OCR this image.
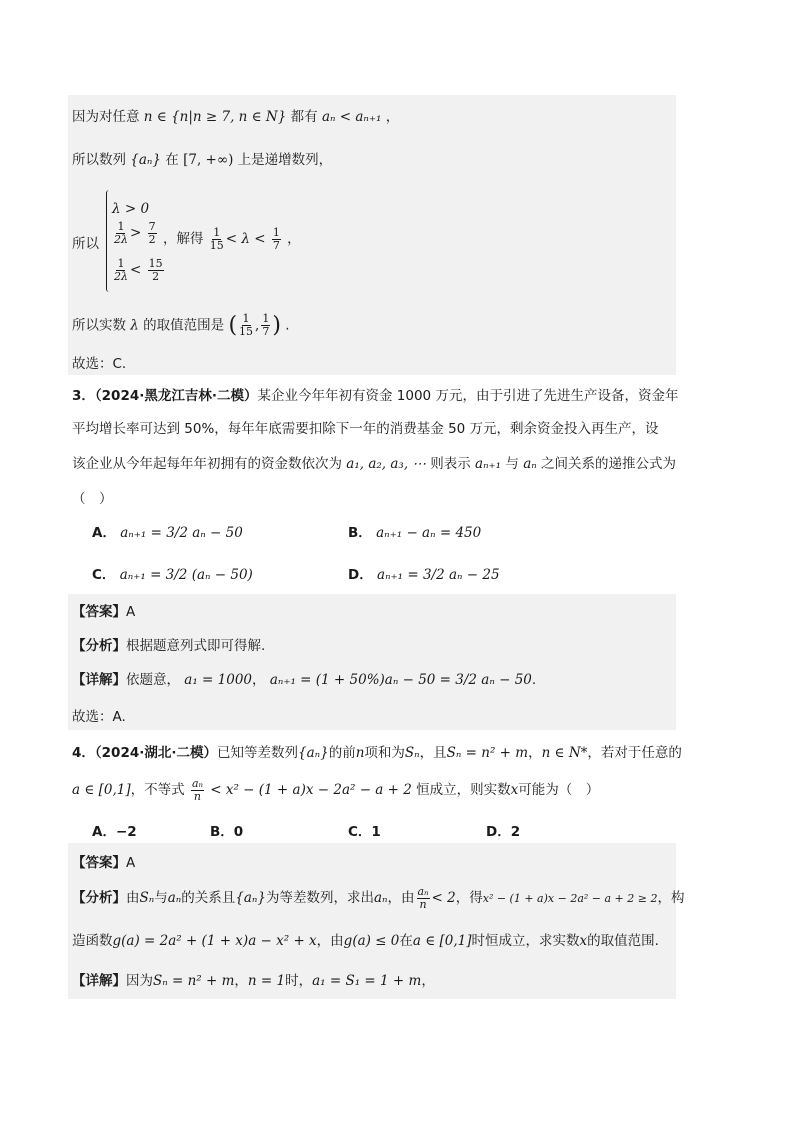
因为对任意 n ∈ {n|n ≥ 7, n ∈ N} 都有 aₙ < aₙ₊₁ ，
所以数列 {aₙ} 在 [7, +∞) 上是递增数列，
所以
λ > 0
$\frac{1}{2\lambda} > \frac{7}{2}$
$\frac{1}{2\lambda} < \frac{15}{2}$
，解得 $\frac{1}{15} < \lambda < \frac{1}{7}$ ，
所以实数 λ 的取值范围是 ( $\frac{1}{15}$ , $\frac{1}{7}$ ) .
故选：C.
3．（2024·黑龙江吉林·二模）某企业今年年初有资金 1000 万元，由于引进了先进生产设备，资金年
平均增长率可达到 50%，每年年底需要扣除下一年的消费基金 50 万元，剩余资金投入再生产，设
该企业从今年起每年年初拥有的资金数依次为 a₁, a₂, a₃, ⋯ 则表示 aₙ₊₁ 与 aₙ 之间关系的递推公式为
（　）
A． aₙ₊₁ = 3/2 aₙ − 50	B． aₙ₊₁ − aₙ = 450
C． aₙ₊₁ = 3/2 (aₙ − 50)	D． aₙ₊₁ = 3/2 aₙ − 25
【答案】A
【分析】根据题意列式即可得解.
【详解】依题意， a₁ = 1000， aₙ₊₁ = (1 + 50%)aₙ − 50 = 3/2 aₙ − 50.
故选：A.
4．（2024·湖北·二模）已知等差数列{aₙ}的前n项和为Sₙ，且Sₙ = n² + m，n ∈ N*，若对于任意的
a ∈ [0,1]，不等式 $\frac{\text{aₙ}}{n} < x^2 - (1 + a)x - 2a^2 - a + 2$ 恒成立，则实数x可能为（　）
A．−2	B．0	C．1	D．2
【答案】A
【分析】由Sₙ与aₙ的关系且{aₙ}为等差数列，求出aₙ，由 $\frac{\text{aₙ}}{n} < 2$，得x² − (1 + a)x − 2a² − a + 2 ≥ 2，构
造函数g(a) = 2a² + (1 + x)a − x² + x，由g(a) ≤ 0在a ∈ [0,1]时恒成立，求实数x的取值范围.
【详解】因为Sₙ = n² + m，n = 1时，a₁ = S₁ = 1 + m，
